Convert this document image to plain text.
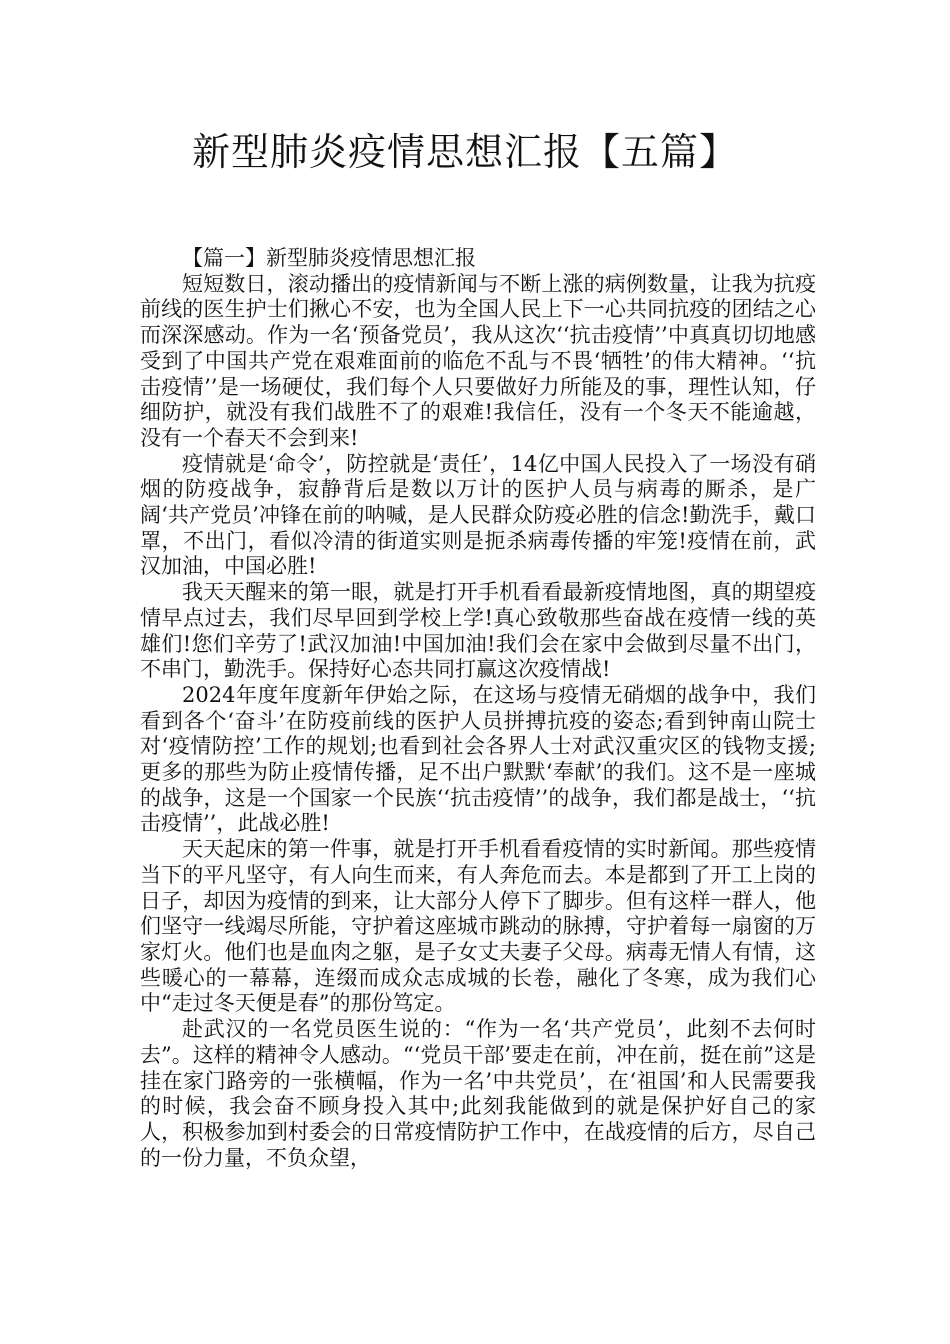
新型肺炎疫情思想汇报【五篇】

【篇一】新型肺炎疫情思想汇报

短短数日，滚动播出的疫情新闻与不断上涨的病例数量，让我为抗疫前线的医生护士们揪心不安，也为全国人民上下一心共同抗疫的团结之心而深深感动。作为一名‘预备党员’，我从这次‘‘抗击疫情’’中真真切切地感受到了中国共产党在艰难面前的临危不乱与不畏‘牺牲’的伟大精神。‘‘抗击疫情’’是一场硬仗，我们每个人只要做好力所能及的事，理性认知，仔细防护，就没有我们战胜不了的艰难!我信任，没有一个冬天不能逾越，没有一个春天不会到来!

疫情就是‘命令’，防控就是‘责任’，14亿中国人民投入了一场没有硝烟的防疫战争，寂静背后是数以万计的医护人员与病毒的厮杀，是广阔‘共产党员’冲锋在前的呐喊，是人民群众防疫必胜的信念!勤洗手，戴口罩，不出门，看似冷清的街道实则是扼杀病毒传播的牢笼!疫情在前，武汉加油，中国必胜!

我天天醒来的第一眼，就是打开手机看看最新疫情地图，真的期望疫情早点过去，我们尽早回到学校上学!真心致敬那些奋战在疫情一线的英雄们!您们辛劳了!武汉加油!中国加油!我们会在家中会做到尽量不出门，不串门，勤洗手。保持好心态共同打赢这次疫情战!

2024年度年度新年伊始之际，在这场与疫情无硝烟的战争中，我们看到各个‘奋斗’在防疫前线的医护人员拼搏抗疫的姿态;看到钟南山院士对‘疫情防控’工作的规划;也看到社会各界人士对武汉重灾区的钱物支援;更多的那些为防止疫情传播，足不出户默默‘奉献’的我们。这不是一座城的战争，这是一个国家一个民族‘‘抗击疫情’’的战争，我们都是战士，‘‘抗击疫情’’，此战必胜!

天天起床的第一件事，就是打开手机看看疫情的实时新闻。那些疫情当下的平凡坚守，有人向生而来，有人奔危而去。本是都到了开工上岗的日子，却因为疫情的到来，让大部分人停下了脚步。但有这样一群人，他们坚守一线竭尽所能，守护着这座城市跳动的脉搏，守护着每一扇窗的万家灯火。他们也是血肉之躯，是子女丈夫妻子父母。病毒无情人有情，这些暖心的一幕幕，连缀而成众志成城的长卷，融化了冬寒，成为我们心中“走过冬天便是春”的那份笃定。

赴武汉的一名党员医生说的：“作为一名‘共产党员’，此刻不去何时去”。这样的精神令人感动。“‘党员干部’要走在前，冲在前，挺在前”这是挂在家门路旁的一张横幅，作为一名’中共党员’，在‘祖国’和人民需要我的时候，我会奋不顾身投入其中;此刻我能做到的就是保护好自己的家人，积极参加到村委会的日常疫情防护工作中，在战疫情的后方，尽自己的一份力量，不负众望，
